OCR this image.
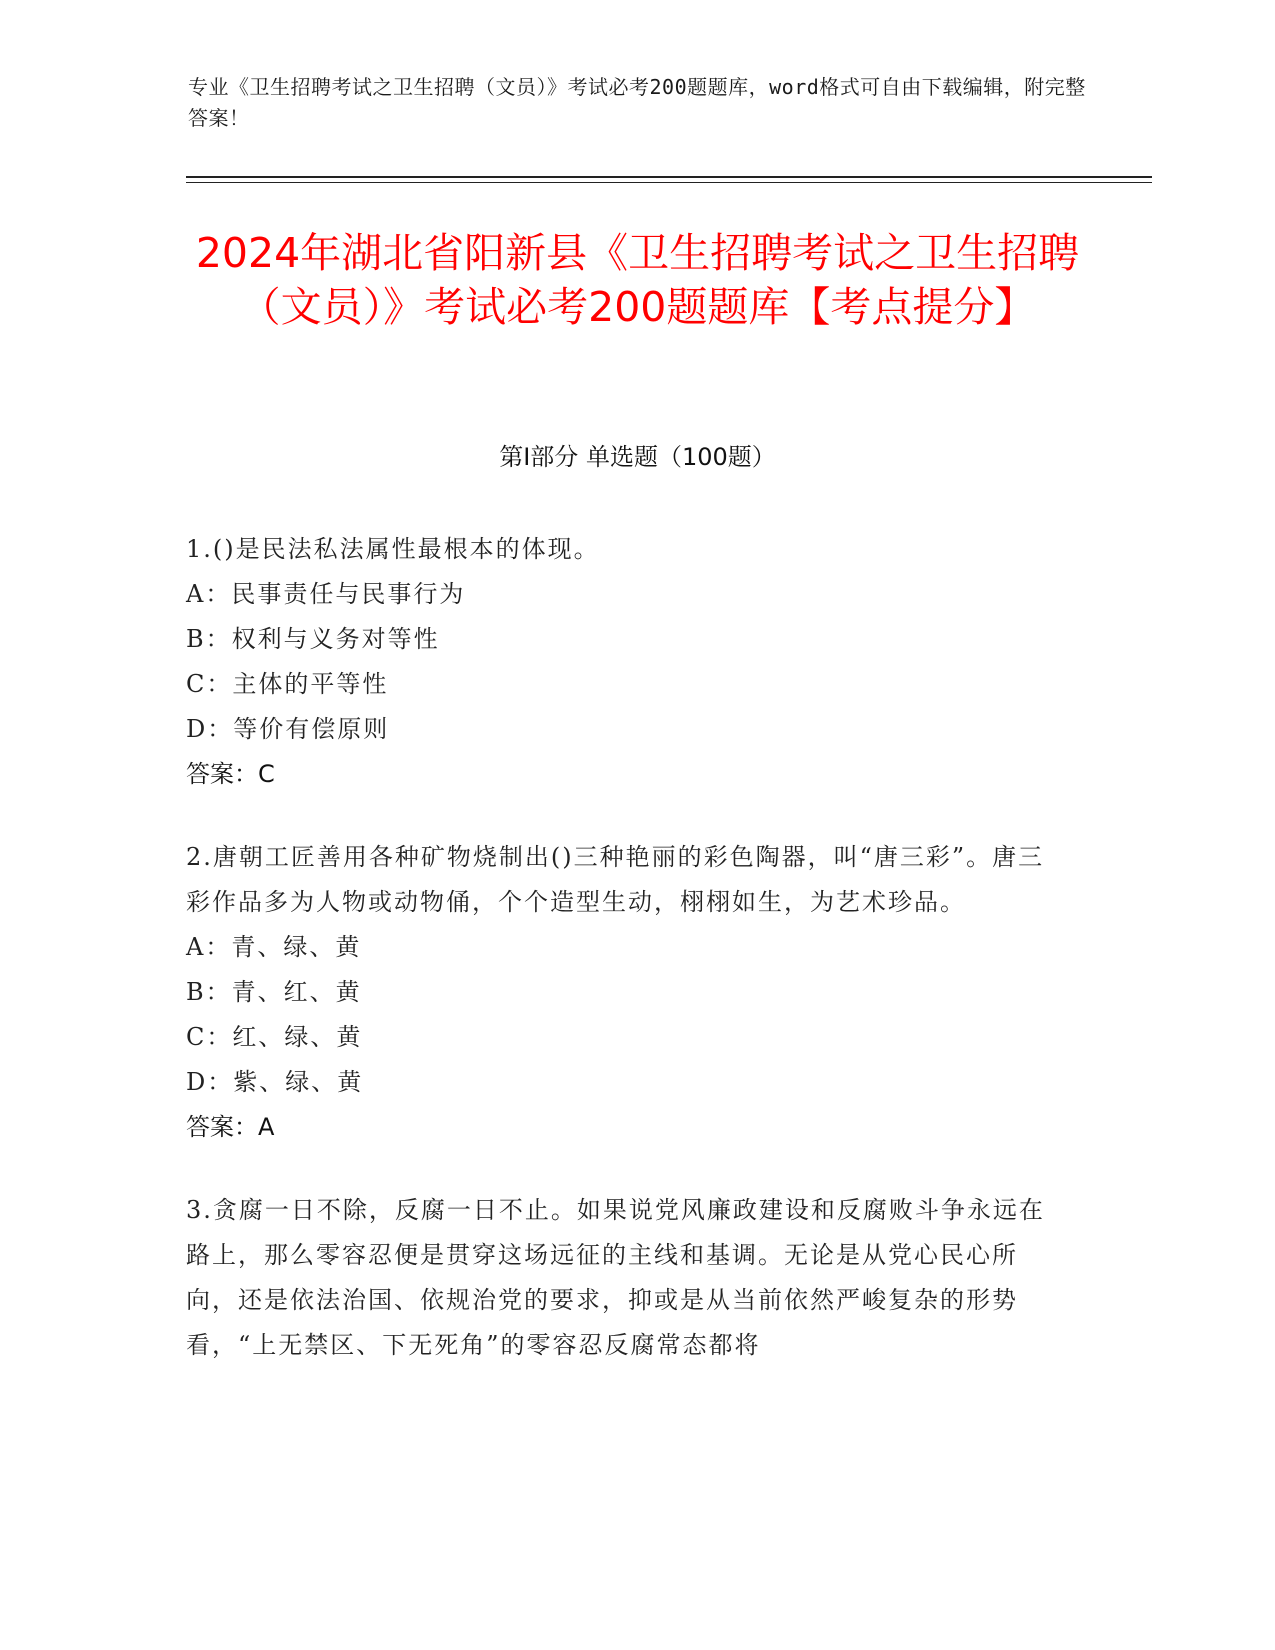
专业《卫生招聘考试之卫生招聘（文员）》考试必考200题题库，word格式可自由下载编辑，附完整答案！
2024年湖北省阳新县《卫生招聘考试之卫生招聘（文员）》考试必考200题题库【考点提分】
第I部分 单选题（100题）

1.()是民法私法属性最根本的体现。

A：民事责任与民事行为

B：权利与义务对等性

C：主体的平等性

D：等价有偿原则

答案：C

2.唐朝工匠善用各种矿物烧制出()三种艳丽的彩色陶器，叫“唐三彩”。唐三彩作品多为人物或动物俑，个个造型生动，栩栩如生，为艺术珍品。

A：青、绿、黄

B：青、红、黄

C：红、绿、黄

D：紫、绿、黄

答案：A

3.贪腐一日不除，反腐一日不止。如果说党风廉政建设和反腐败斗争永远在路上，那么零容忍便是贯穿这场远征的主线和基调。无论是从党心民心所向，还是依法治国、依规治党的要求，抑或是从当前依然严峻复杂的形势看，“上无禁区、下无死角”的零容忍反腐常态都将
